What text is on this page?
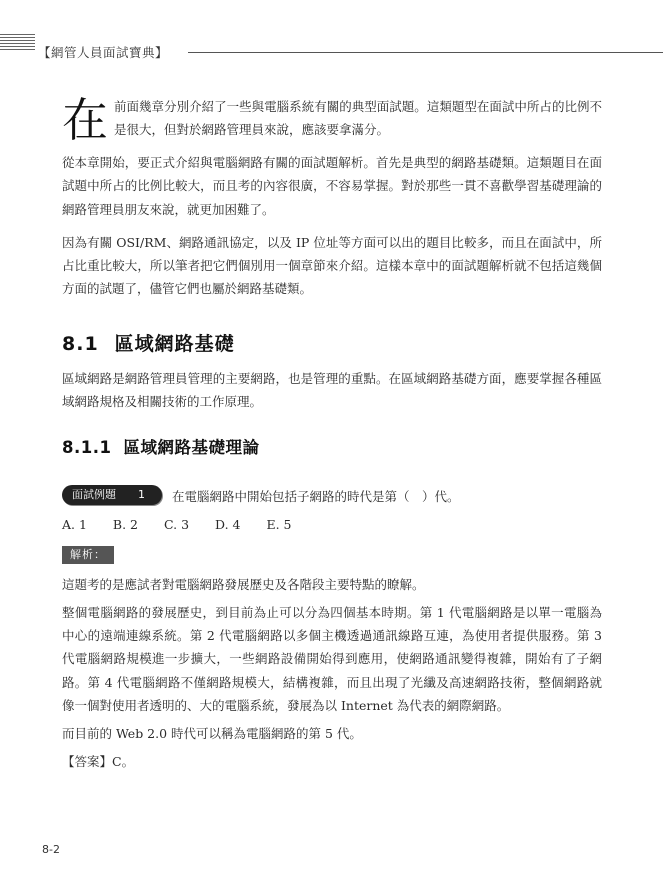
【網管人員面試寶典】
在 前面幾章分別介紹了一些與電腦系統有關的典型面試題。這類題型在面試中所占的比例不是很大，但對於網路管理員來說，應該要拿滿分。

從本章開始，要正式介紹與電腦網路有關的面試題解析。首先是典型的網路基礎類。這類題目在面試題中所占的比例比較大，而且考的內容很廣，不容易掌握。對於那些一貫不喜歡學習基礎理論的網路管理員朋友來說，就更加困難了。

因為有關 OSI/RM、網路通訊協定，以及 IP 位址等方面可以出的題目比較多，而且在面試中，所占比重比較大，所以筆者把它們個別用一個章節來介紹。這樣本章中的面試題解析就不包括這幾個方面的試題了，儘管它們也屬於網路基礎類。

8.1 區域網路基礎

區域網路是網路管理員管理的主要網路，也是管理的重點。在區域網路基礎方面，應要掌握各種區域網路規格及相關技術的工作原理。

8.1.1 區域網路基礎理論
面試例題 1 在電腦網路中開始包括子網路的時代是第（　）代。
A. 1 B. 2 C. 3 D. 4 E. 5
解析：

這題考的是應試者對電腦網路發展歷史及各階段主要特點的瞭解。

整個電腦網路的發展歷史，到目前為止可以分為四個基本時期。第 1 代電腦網路是以單一電腦為中心的遠端連線系統。第 2 代電腦網路以多個主機透過通訊線路互連，為使用者提供服務。第 3 代電腦網路規模進一步擴大，一些網路設備開始得到應用，使網路通訊變得複雜，開始有了子網路。第 4 代電腦網路不僅網路規模大，結構複雜，而且出現了光纖及高速網路技術，整個網路就像一個對使用者透明的、大的電腦系統，發展為以 Internet 為代表的網際網路。

而目前的 Web 2.0 時代可以稱為電腦網路的第 5 代。

【答案】C。

8-2
